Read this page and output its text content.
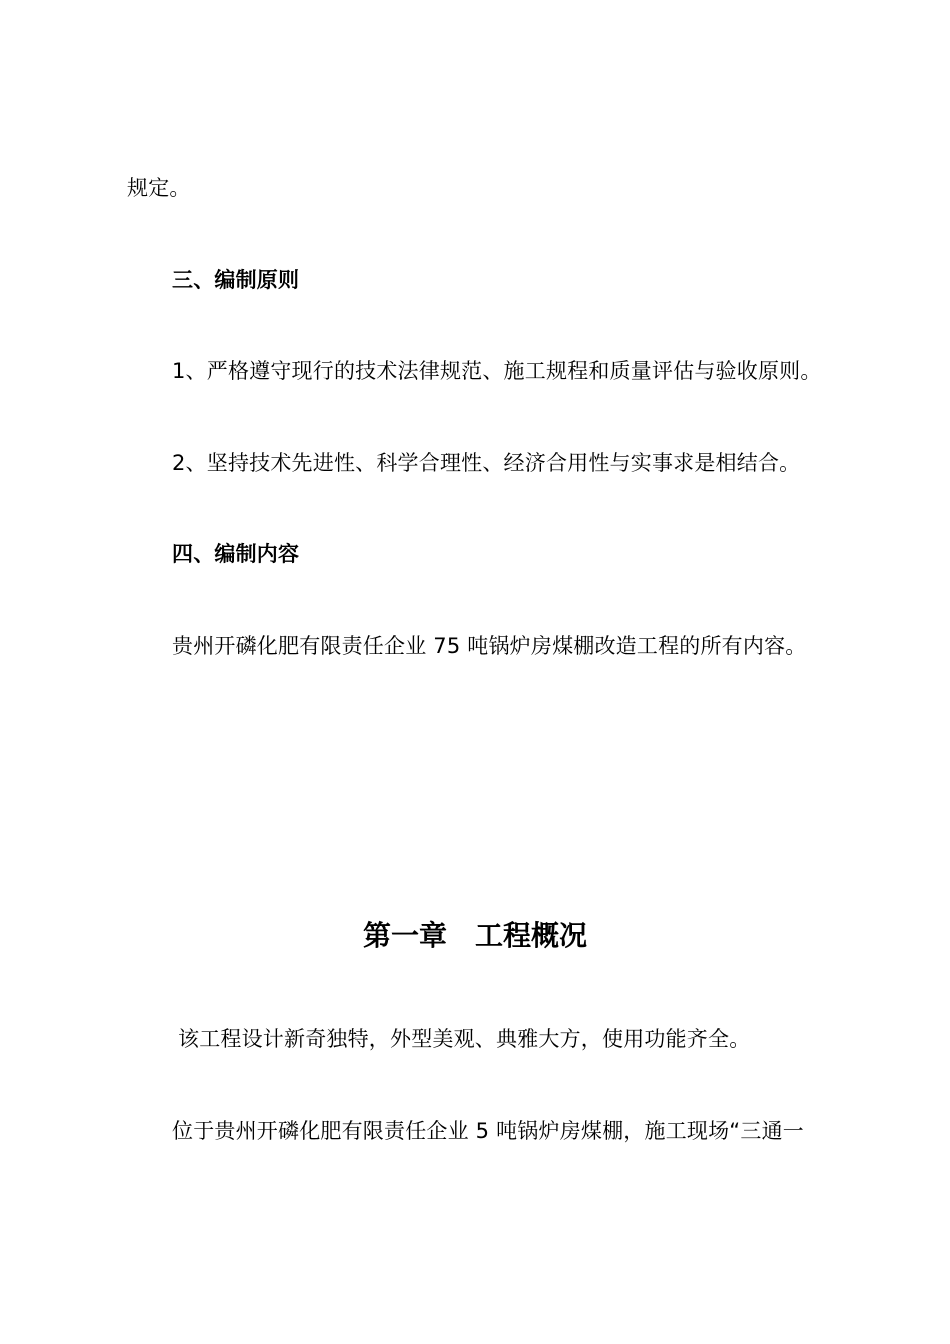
规定。
三、编制原则
1、严格遵守现行的技术法律规范、施工规程和质量评估与验收原则。
2、坚持技术先进性、科学合理性、经济合用性与实事求是相结合。
四、编制内容
贵州开磷化肥有限责任企业 75 吨锅炉房煤棚改造工程的所有内容。
第一章　工程概况
该工程设计新奇独特，外型美观、典雅大方，使用功能齐全。
位于贵州开磷化肥有限责任企业 5 吨锅炉房煤棚，施工现场“三通一
